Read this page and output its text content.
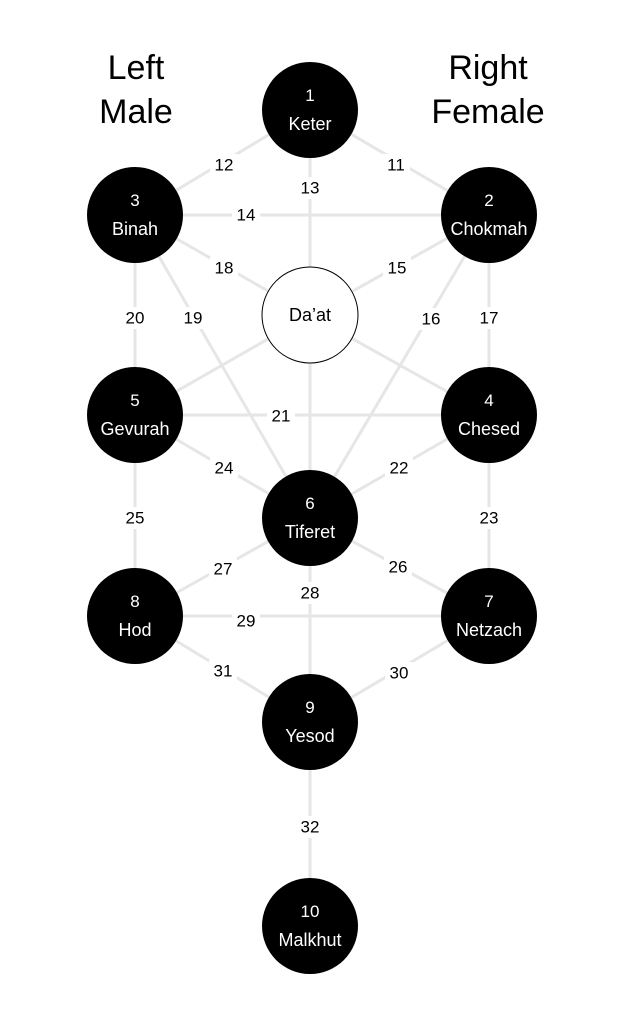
Left
Male
Right
Female
11
12
13
14
15
16 17
18
19
20
21
22
23
24
25
26
27
28
29
30
31
32
1
Keter
2
Chokmah
3
Binah
4
Chesed
5
Gevurah
6
Tiferet
7
Netzach
8
Hod
9
Yesod
10
Malkhut
Da’at
